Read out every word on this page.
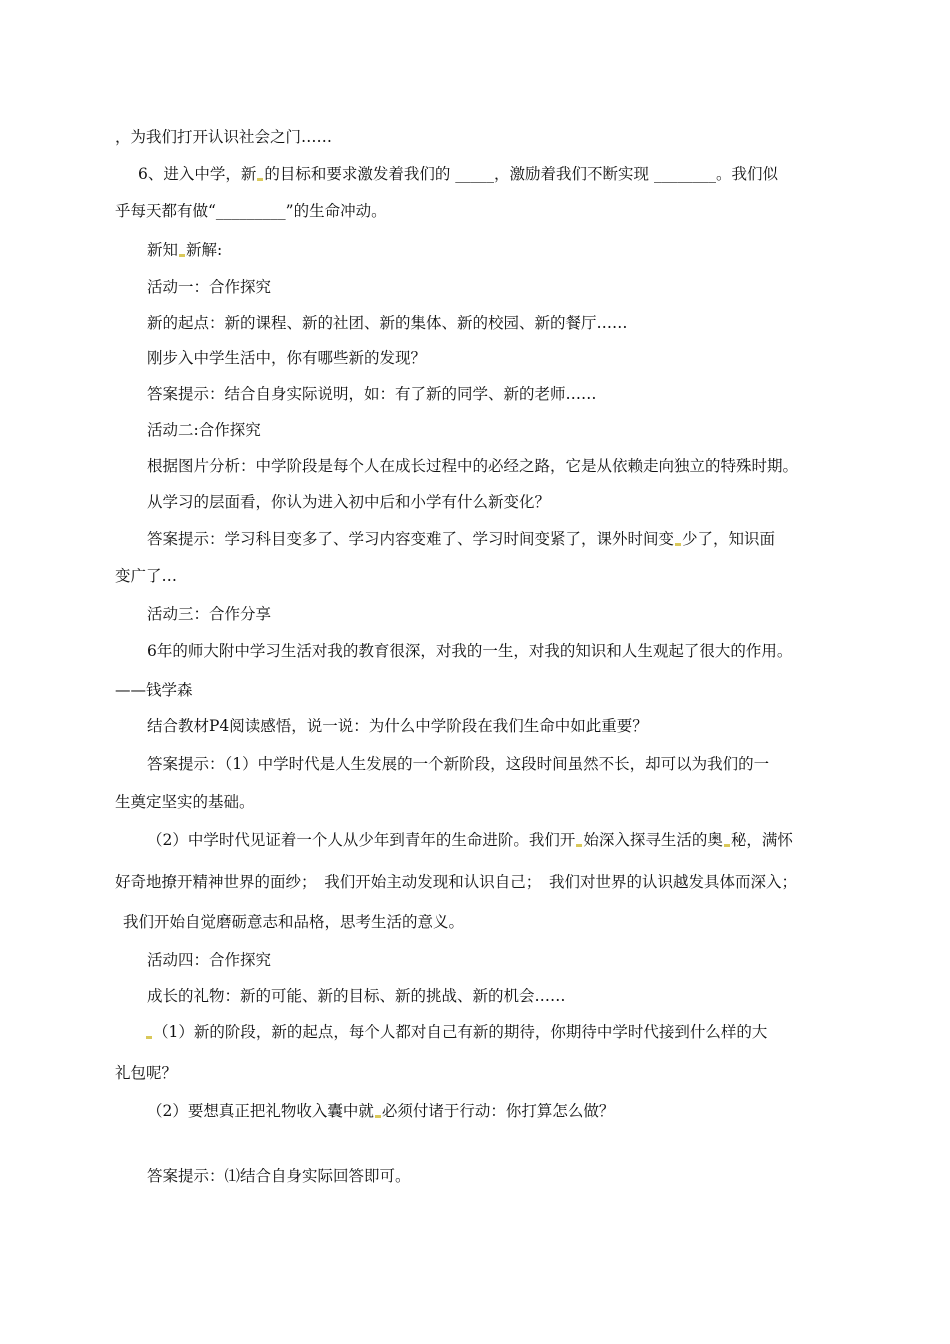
，为我们打开认识社会之门……
6、进入中学，新 的目标和要求激发着我们的 _____，激励着我们不断实现 ________。我们似
乎每天都有做“_________”的生命冲动。
新知 新解:
活动一：合作探究
新的起点：新的课程、新的社团、新的集体、新的校园、新的餐厅……
刚步入中学生活中，你有哪些新的发现？
答案提示：结合自身实际说明，如：有了新的同学、新的老师……
活动二:合作探究
根据图片分析：中学阶段是每个人在成长过程中的必经之路，它是从依赖走向独立的特殊时期。
从学习的层面看，你认为进入初中后和小学有什么新变化？
答案提示：学习科目变多了、学习内容变难了、学习时间变紧了，课外时间变 少了，知识面
变广了…
活动三：合作分享
6年的师大附中学习生活对我的教育很深，对我的一生，对我的知识和人生观起了很大的作用。
——钱学森
结合教材P4阅读感悟，说一说：为什么中学阶段在我们生命中如此重要？
答案提示：（1）中学时代是人生发展的一个新阶段，这段时间虽然不长，却可以为我们的一
生奠定坚实的基础。
（2）中学时代见证着一个人从少年到青年的生命进阶。我们开 始深入探寻生活的奥 秘，满怀
好奇地撩开精神世界的面纱；　我们开始主动发现和认识自己；　我们对世界的认识越发具体而深入；
我们开始自觉磨砺意志和品格，思考生活的意义。
活动四：合作探究
成长的礼物：新的可能、新的目标、新的挑战、新的机会……
（1）新的阶段，新的起点，每个人都对自己有新的期待，你期待中学时代接到什么样的大
礼包呢？
（2）要想真正把礼物收入囊中就 必须付诸于行动：你打算怎么做？
答案提示：⑴结合自身实际回答即可。
